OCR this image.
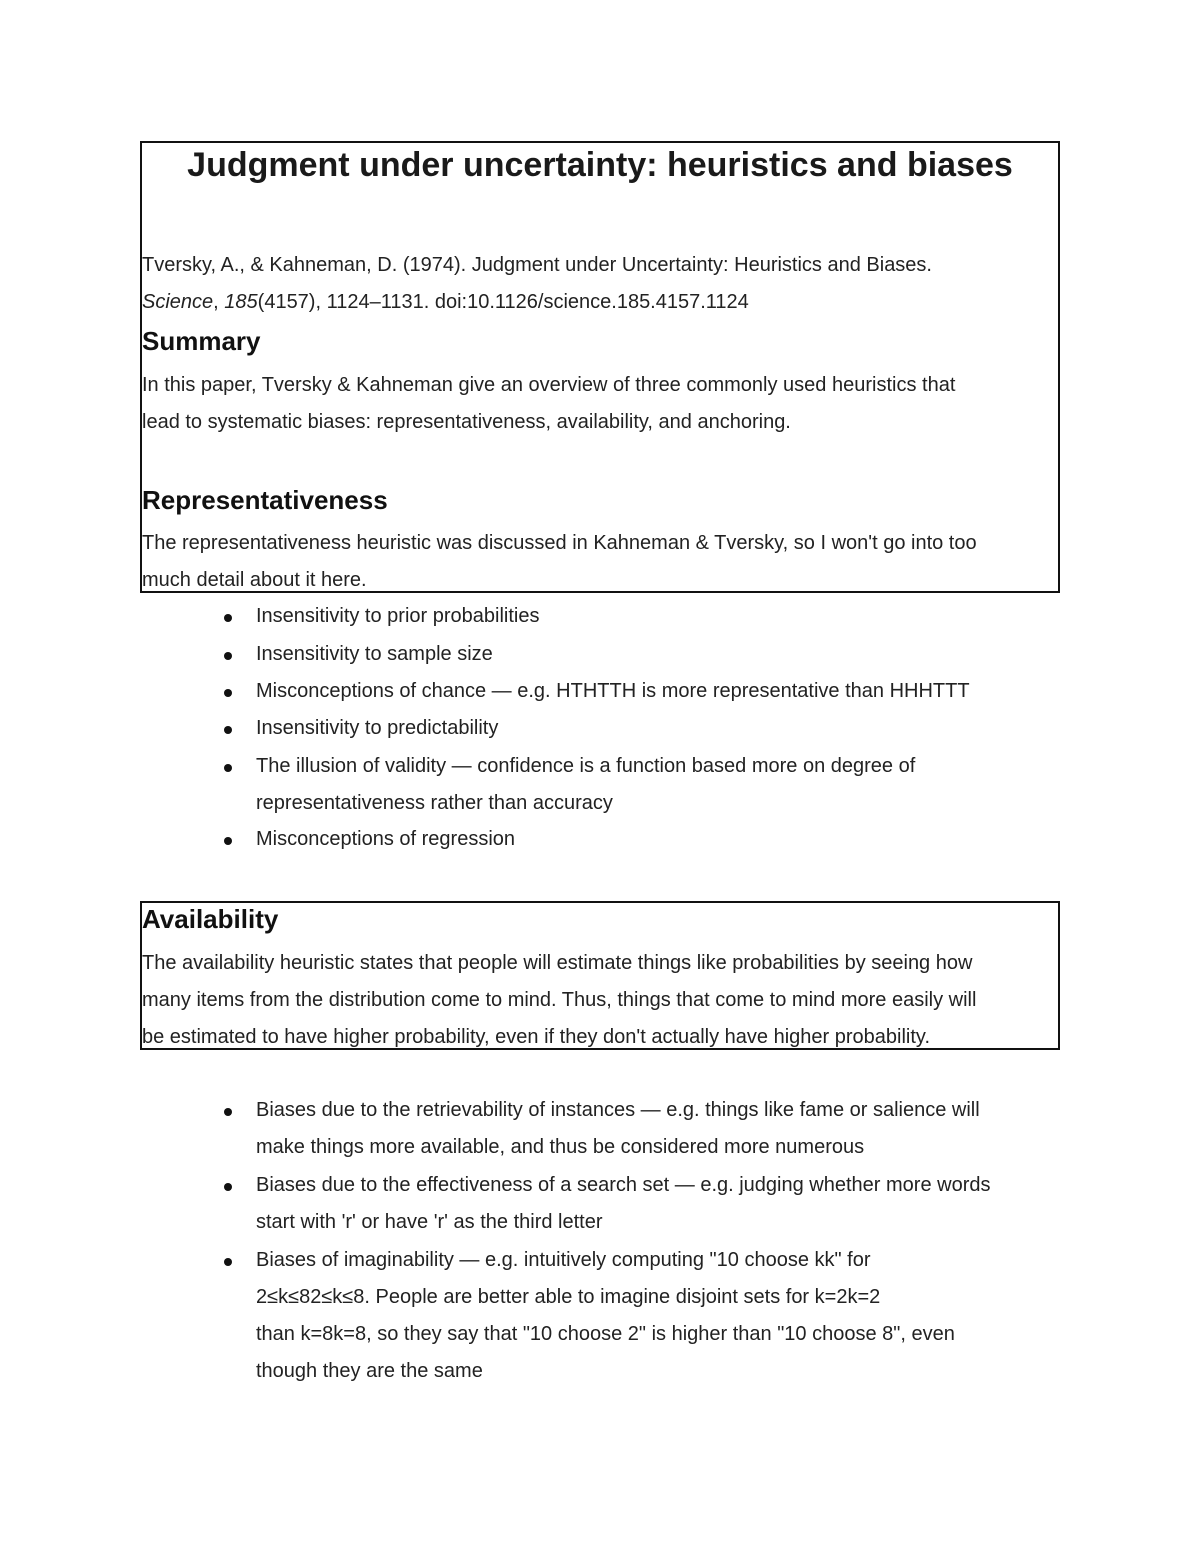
Judgment under uncertainty: heuristics and biases
Tversky, A., & Kahneman, D. (1974). Judgment under Uncertainty: Heuristics and Biases.
Science, 185(4157), 1124–1131. doi:10.1126/science.185.4157.1124
Summary
In this paper, Tversky & Kahneman give an overview of three commonly used heuristics that
lead to systematic biases: representativeness, availability, and anchoring.
Representativeness
The representativeness heuristic was discussed in Kahneman & Tversky, so I won't go into too
much detail about it here.
Insensitivity to prior probabilities
Insensitivity to sample size
Misconceptions of chance — e.g. HTHTTH is more representative than HHHTTT
Insensitivity to predictability
The illusion of validity — confidence is a function based more on degree of
representativeness rather than accuracy
Misconceptions of regression
Availability
The availability heuristic states that people will estimate things like probabilities by seeing how
many items from the distribution come to mind. Thus, things that come to mind more easily will
be estimated to have higher probability, even if they don't actually have higher probability.
Biases due to the retrievability of instances — e.g. things like fame or salience will
make things more available, and thus be considered more numerous
Biases due to the effectiveness of a search set — e.g. judging whether more words
start with 'r' or have 'r' as the third letter
Biases of imaginability — e.g. intuitively computing "10 choose kk" for
2≤k≤82≤k≤8. People are better able to imagine disjoint sets for k=2k=2
than k=8k=8, so they say that "10 choose 2" is higher than "10 choose 8", even
though they are the same
